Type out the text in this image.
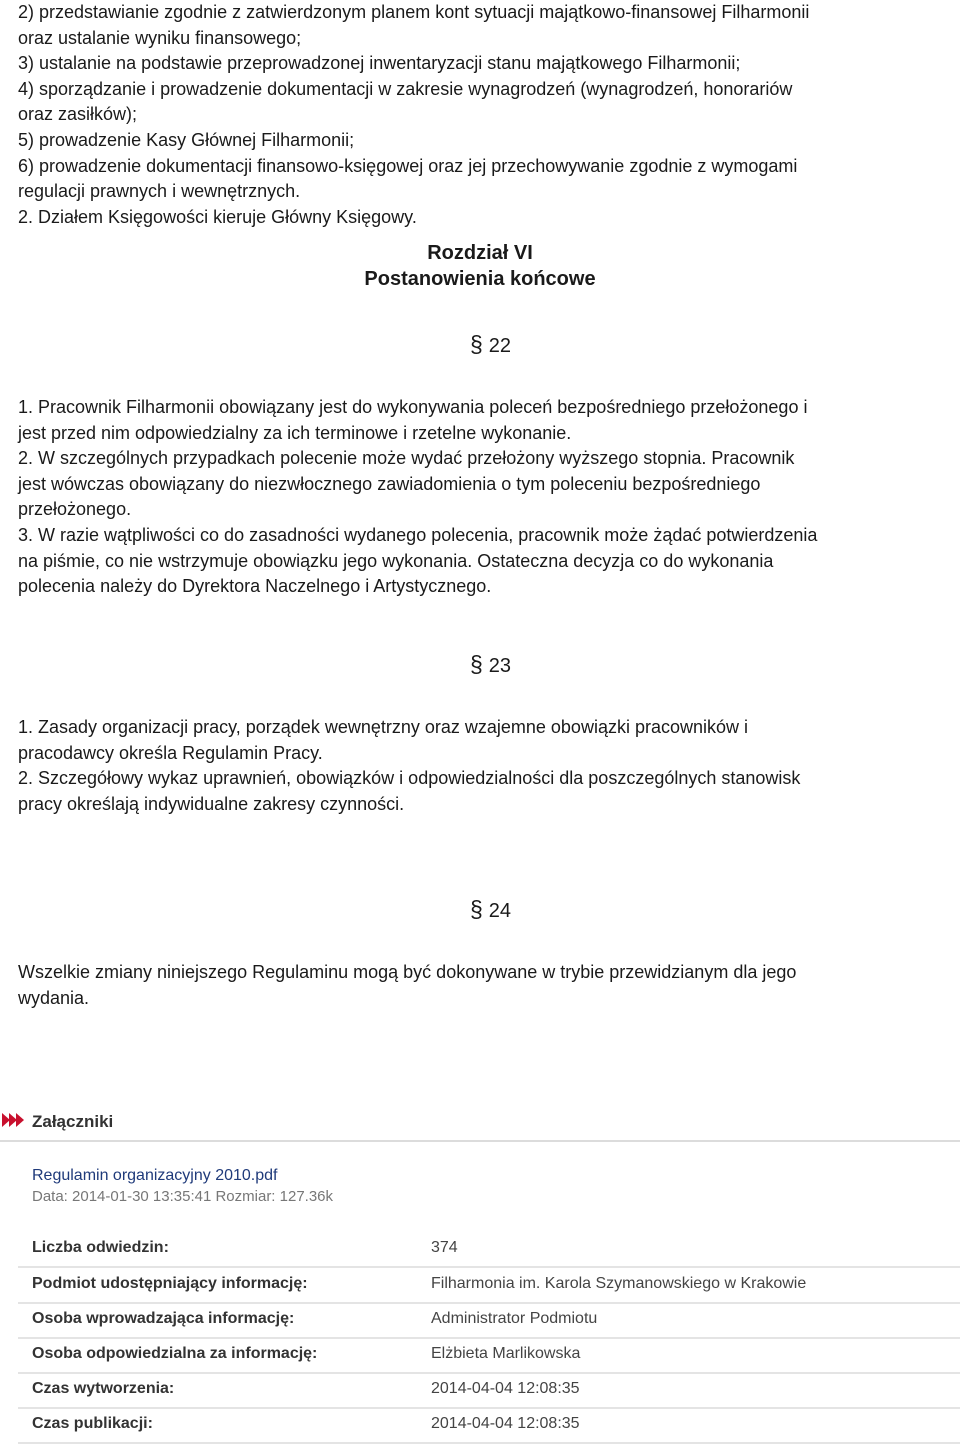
2) przedstawianie zgodnie z zatwierdzonym planem kont sytuacji majątkowo-finansowej Filharmonii
oraz ustalanie wyniku finansowego;
3) ustalanie na podstawie przeprowadzonej inwentaryzacji stanu majątkowego Filharmonii;
4) sporządzanie i prowadzenie dokumentacji w zakresie wynagrodzeń (wynagrodzeń, honorariów
oraz zasiłków);
5) prowadzenie Kasy Głównej Filharmonii;
6) prowadzenie dokumentacji finansowo-księgowej oraz jej przechowywanie zgodnie z wymogami
regulacji prawnych i wewnętrznych.
2. Działem Księgowości kieruje Główny Księgowy.
Rozdział VI
Postanowienia końcowe
§ 22
1. Pracownik Filharmonii obowiązany jest do wykonywania poleceń bezpośredniego przełożonego i
jest przed nim odpowiedzialny za ich terminowe i rzetelne wykonanie.
2. W szczególnych przypadkach polecenie może wydać przełożony wyższego stopnia. Pracownik
jest wówczas obowiązany do niezwłocznego zawiadomienia o tym poleceniu bezpośredniego
przełożonego.
3. W razie wątpliwości co do zasadności wydanego polecenia, pracownik może żądać potwierdzenia
na piśmie, co nie wstrzymuje obowiązku jego wykonania. Ostateczna decyzja co do wykonania
polecenia należy do Dyrektora Naczelnego i Artystycznego.
§ 23
1. Zasady organizacji pracy, porządek wewnętrzny oraz wzajemne obowiązki pracowników i
pracodawcy określa Regulamin Pracy.
2. Szczegółowy wykaz uprawnień, obowiązków i odpowiedzialności dla poszczególnych stanowisk
pracy określają indywidualne zakresy czynności.
§ 24
Wszelkie zmiany niniejszego Regulaminu mogą być dokonywane w trybie przewidzianym dla jego
wydania.
Załączniki
Regulamin organizacyjny 2010.pdf
Data: 2014-01-30 13:35:41 Rozmiar: 127.36k
Liczba odwiedzin:	374
Podmiot udostępniający informację:	Filharmonia im. Karola Szymanowskiego w Krakowie
Osoba wprowadzająca informację:	Administrator Podmiotu
Osoba odpowiedzialna za informację:	Elżbieta Marlikowska
Czas wytworzenia:	2014-04-04 12:08:35
Czas publikacji:	2014-04-04 12:08:35
